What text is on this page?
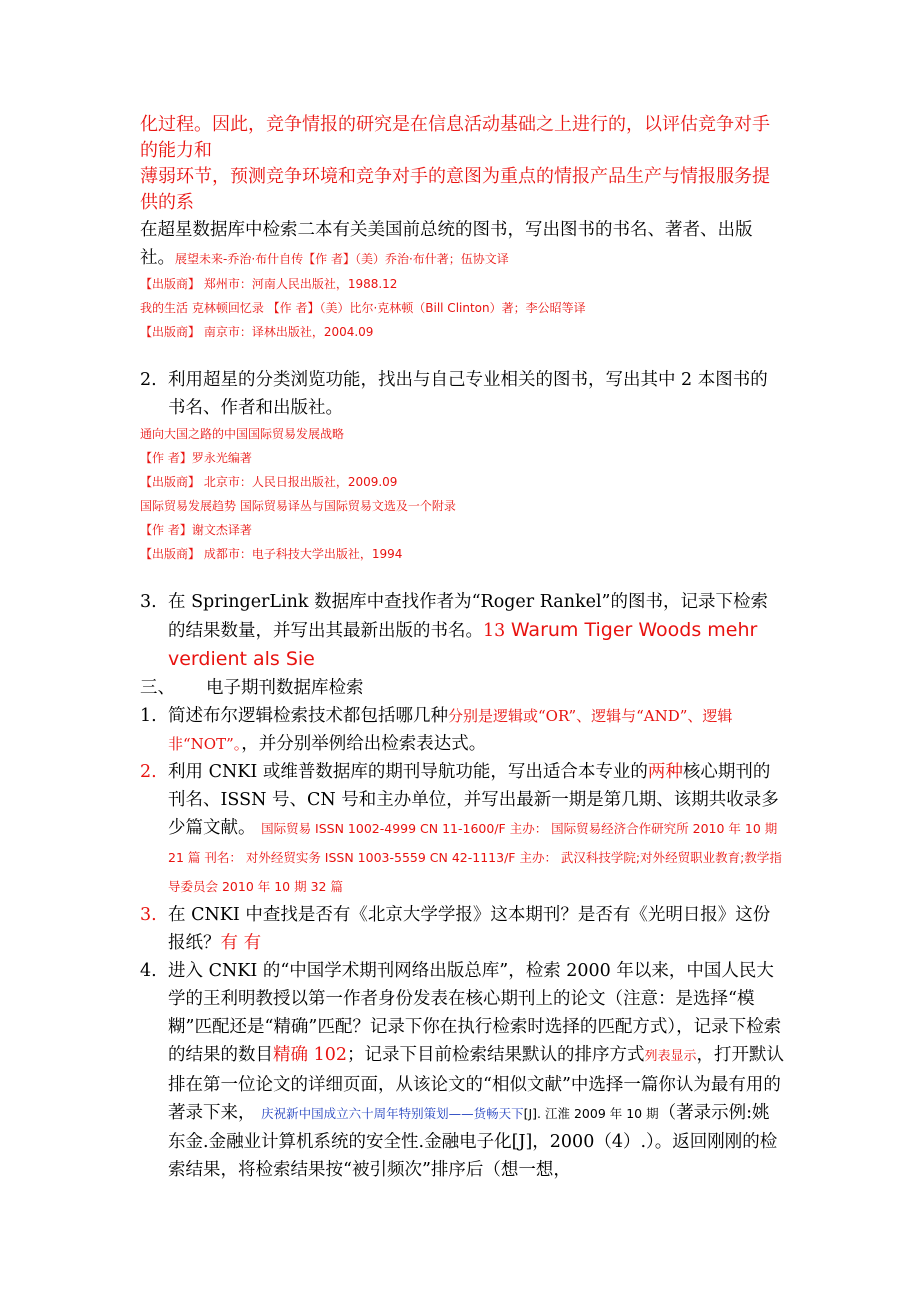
化过程。因此，竞争情报的研究是在信息活动基础之上进行的，以评估竞争对手的能力和
薄弱环节，预测竞争环境和竞争对手的意图为重点的情报产品生产与情报服务提供的系
在超星数据库中检索二本有关美国前总统的图书，写出图书的书名、著者、出版社。展望未来-乔治·布什自传【作 者】（美）乔治·布什著；伍协文译
【出版商】 郑州市：河南人民出版社，1988.12
我的生活 克林顿回忆录 【作 者】（美）比尔·克林顿（Bill Clinton）著；李公昭等译
【出版商】 南京市：译林出版社，2004.09
2. 利用超星的分类浏览功能，找出与自己专业相关的图书，写出其中 2 本图书的书名、作者和出版社。
通向大国之路的中国国际贸易发展战略
【作 者】罗永光编著
【出版商】 北京市：人民日报出版社，2009.09
国际贸易发展趋势 国际贸易译丛与国际贸易文选及一个附录
【作 者】谢文杰译著
【出版商】 成都市：电子科技大学出版社，1994
3. 在 SpringerLink 数据库中查找作者为“Roger Rankel”的图书，记录下检索的结果数量，并写出其最新出版的书名。13 Warum Tiger Woods mehr verdient als Sie
三、	电子期刊数据库检索
1. 简述布尔逻辑检索技术都包括哪几种分别是逻辑或“OR”、逻辑与“AND”、逻辑非“NOT”。，并分别举例给出检索表达式。
2. 利用 CNKI 或维普数据库的期刊导航功能，写出适合本专业的两种核心期刊的刊名、ISSN 号、CN 号和主办单位，并写出最新一期是第几期、该期共收录多少篇文献。 国际贸易 ISSN 1002-4999 CN 11-1600/F 主办： 国际贸易经济合作研究所 2010 年 10 期 21 篇 刊名： 对外经贸实务 ISSN 1003-5559 CN 42-1113/F 主办： 武汉科技学院;对外经贸职业教育;教学指导委员会 2010 年 10 期 32 篇
3. 在 CNKI 中查找是否有《北京大学学报》这本期刊？是否有《光明日报》这份报纸？有 有
4. 进入 CNKI 的“中国学术期刊网络出版总库”，检索 2000 年以来，中国人民大学的王利明教授以第一作者身份发表在核心期刊上的论文（注意：是选择“模糊”匹配还是“精确”匹配？记录下你在执行检索时选择的匹配方式），记录下检索的结果的数目精确 102；记录下目前检索结果默认的排序方式列表显示，打开默认排在第一位论文的详细页面，从该论文的“相似文献”中选择一篇你认为最有用的著录下来， 庆祝新中国成立六十周年特别策划——货畅天下[J]. 江淮 2009 年 10 期（著录示例:姚东金.金融业计算机系统的安全性.金融电子化[J]，2000（4）.）。返回刚刚的检索结果，将检索结果按“被引频次”排序后（想一想，
